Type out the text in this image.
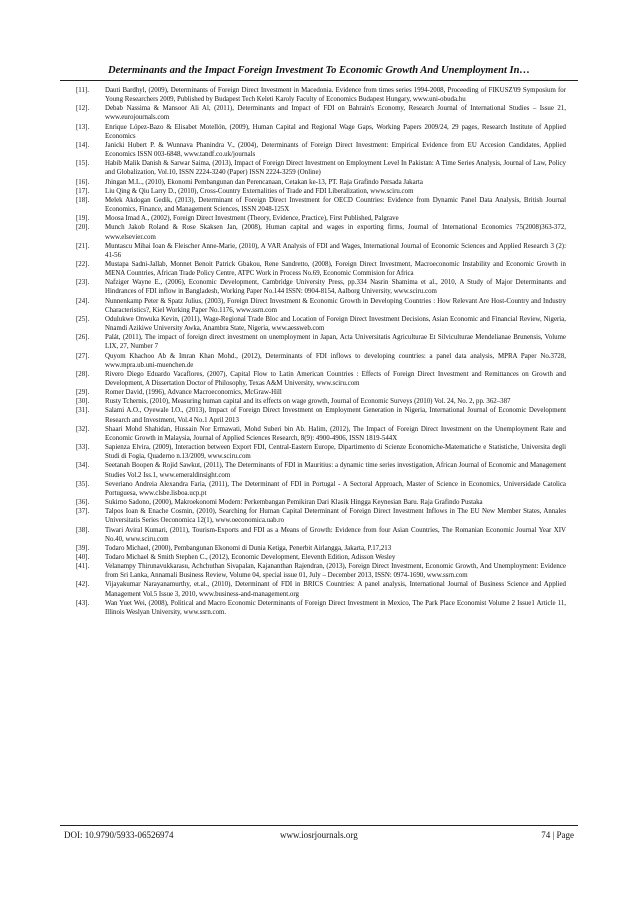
Determinants and the Impact Foreign Investment To Economic Growth And Unemployment In…
[11].	Dauti Bardhyl, (2009), Determinants of Foreign Direct Investment in Macedonia. Evidence from times series 1994-2008, Proceeding of FIKUSZ'09 Symposium for Young Researchers 2009, Published by Budapest Tech Keleti Karoly Faculty of Economics Budapest Hungary, www.uni-obuda.hu
[12].	Debab Nassima & Mansoor Ali Al, (2011), Determinants and Impact of FDI on Bahrain's Economy, Research Journal of International Studies – Issue 21, www.eurojournals.com
[13].	Enrique López-Bazo & Elisabet Motellón, (2009), Human Capital and Regional Wage Gaps, Working Papers 2009/24, 29 pages, Research Institute of Applied Economics
[14].	Janicki Hubert P. & Wunnava Phanindra V., (2004), Determinants of Foreign Direct Investment: Empirical Evidence from EU Accesion Candidates, Applied Economics ISSN 003-6848, www.tandf.co.uk/journals
[15].	Habib Malik Danish & Sarwar Saima, (2013), Impact of Foreign Direct Investment on Employment Level In Pakistan: A Time Series Analysis, Journal of Law, Policy and Globalization, Vol.10, ISSN 2224-3240 (Paper) ISSN 2224-3259 (Online)
[16].	Jhingan M.L., (2010), Ekonomi Pembangunan dan Perencanaan, Cetakan ke-13, PT. Raja Grafindo Persada Jakarta
[17].	Liu Qing & Qiu Larry D., (2010), Cross-Country Externalities of Trade and FDI Liberalization, www.sciru.com
[18].	Melek Akdogan Gedik, (2013), Determinant of Foreign Direct Investment for OECD Countries: Evidence from Dynamic Panel Data Analysis, British Journal Economics, Finance, and Management Sciences, ISSN 2048-125X
[19].	Moosa Imad A., (2002), Foreign Direct Investment (Theory, Evidence, Practice), First Published, Palgrave
[20].	Munch Jakob Roland & Rose Skaksen Jan, (2008), Human capital and wages in exporting firms, Journal of International Economics 75(2008)363-372, www.elsevier.com
[21].	Muntascu Mihai Ioan & Fleischer Anne-Marie, (2010), A VAR Analysis of FDI and Wages, International Journal of Economic Sciences and Applied Research 3 (2): 41-56
[22].	Mustapa Sadni-Jallab, Monnet Benoit Patrick Gbakou, Rene Sandretto, (2008), Foreign Direct Investment, Macroeconomic Instability and Economic Growth in MENA Countries, African Trade Policy Centre, ATPC Work in Process No.69, Economic Commision for Africa
[23].	Nafziger Wayne E., (2006), Economic Development, Cambridge University Press, pp.334 Nasrin Shamima et al., 2010, A Study of Major Determinants and Hindrances of FDI inflow in Bangladesh, Working Paper No.144 ISSN: 0904-8154, Aalborg University, www.sciru.com
[24].	Nunnenkamp Peter & Spatz Julius, (2003), Foreign Direct Investment & Economic Growth in Developing Countries : How Relevant Are Host-Country and Industry Characteristics?, Kiel Working Paper No.1176, www.ssrn.com
[25].	Odulukwe Onwuka Kevin, (2011), Wage-Regional Trade Bloc and Location of Foreign Direct Investment Decisions, Asian Economic and Financial Review, Nigeria, Nnamdi Azikiwe University Awka, Anambra State, Nigeria, www.aessweb.com
[26].	Palát, (2011), The impact of foreign direct investment on unemployment in Japan, Acta Universitatis Agriculturae Et Silviculturae Mendelianae Brunensis, Volume LIX, 27, Number 7
[27].	Quyom Khachoo Ab & Imran Khan Mohd., (2012), Determinants of FDI inflows to developing countries: a panel data analysis, MPRA Paper No.3728, www.mpra.ub.uni-muenchen.de
[28].	Rivero Diego Eduardo Vacaflores, (2007), Capital Flow to Latin American Countries : Effects of Foreign Direct Investment and Remittances on Growth and Development, A Dissertation Doctor of Philosophy, Texas A&M University, www.sciru.com
[29].	Romer David, (1996), Advance Macroeconomics, McGraw-Hill
[30].	Rusty Tchernis, (2010), Measuring human capital and its effects on wage growth, Journal of Economic Surveys (2010) Vol. 24, No. 2, pp. 362–387
[31].	Salami A.O., Oyewale I.O., (2013), Impact of Foreign Direct Investment on Employment Generation in Nigeria, International Journal of Economic Development Research and Investment, Vol.4 No.1 April 2013
[32].	Shaari Mohd Shahidan, Hussain Nor Ermawati, Mohd Suberi bin Ab. Halim, (2012), The Impact of Foreign Direct Investment on the Unemployment Rate and Economic Growth in Malaysia, Journal of Applied Sciences Research, 8(9): 4900-4906, ISSN 1819-544X
[33].	Sapienza Elvira, (2009), Interaction between Export FDI, Central-Eastern Europe, Dipartimento di Scienze Economiche-Matematiche e Statistiche, Universita degli Studi di Fogia, Quaderno n.13/2009, www.sciru.com
[34].	Seetanah Boopen & Rojid Sawkut, (2011), The Determinants of FDI in Mauritius: a dynamic time series investigation, African Journal of Economic and Management Studies Vol.2 Iss.1, www.emeraldinsight.com
[35].	Severiano Andreia Alexandra Faria, (2011), The Determinant of FDI in Portugal - A Sectoral Approach, Master of Science in Economics, Universidade Catolica Portuguesa, www.clsbe.lisboa.ucp.pt
[36].	Sukirno Sadono, (2000), Makroekonomi Modern: Perkembangan Pemikiran Dari Klasik Hingga Keynesian Baru. Raja Grafindo Pustaka
[37].	Talpos Ioan & Enache Cosmin, (2010), Searching for Human Capital Determinant of Foreign Direct Investment Inflows in The EU New Member States, Annales Universitatis Series Oeconomica 12(1), www.oeconomica.uab.ro
[38].	Tiwari Aviral Kumari, (2011), Tourism-Exports and FDI as a Means of Growth: Evidence from four Asian Countries, The Romanian Economic Journal Year XIV No.40, www.sciru.com
[39].	Todaro Michael, (2000), Pembangunan Ekonomi di Dunia Ketiga, Penerbit Airlangga, Jakarta, P.17,213
[40].	Todaro Michael & Smith Stephen C., (2012), Economic Development, Eleventh Edition, Adisson Wesley
[41].	Velanampy Thirunavukkarasu, Achchuthan Sivapalan, Kajananthan Rajendran, (2013), Foreign Direct Investment, Economic Growth, And Unemployment: Evidence from Sri Lanka, Annamali Business Review, Volume 04, special issue 01, July – December 2013, ISSN: 0974-1690, www.ssrn.com
[42].	Vijayakumar Narayanamurthy, et.al., (2010), Determinant of FDI in BRICS Countries: A panel analysis, International Journal of Business Science and Applied Management Vol.5 Issue 3, 2010, www.business-and-management.org
[43].	Wan Yuet Wei, (2008), Political and Macro Economic Determinants of Foreign Direct Investment in Mexico, The Park Place Economist Volume 2 Issue1 Article 11, Illinois Weslyan University, www.ssrn.com.
DOI: 10.9790/5933-06526974	www.iosrjournals.org	74 | Page
